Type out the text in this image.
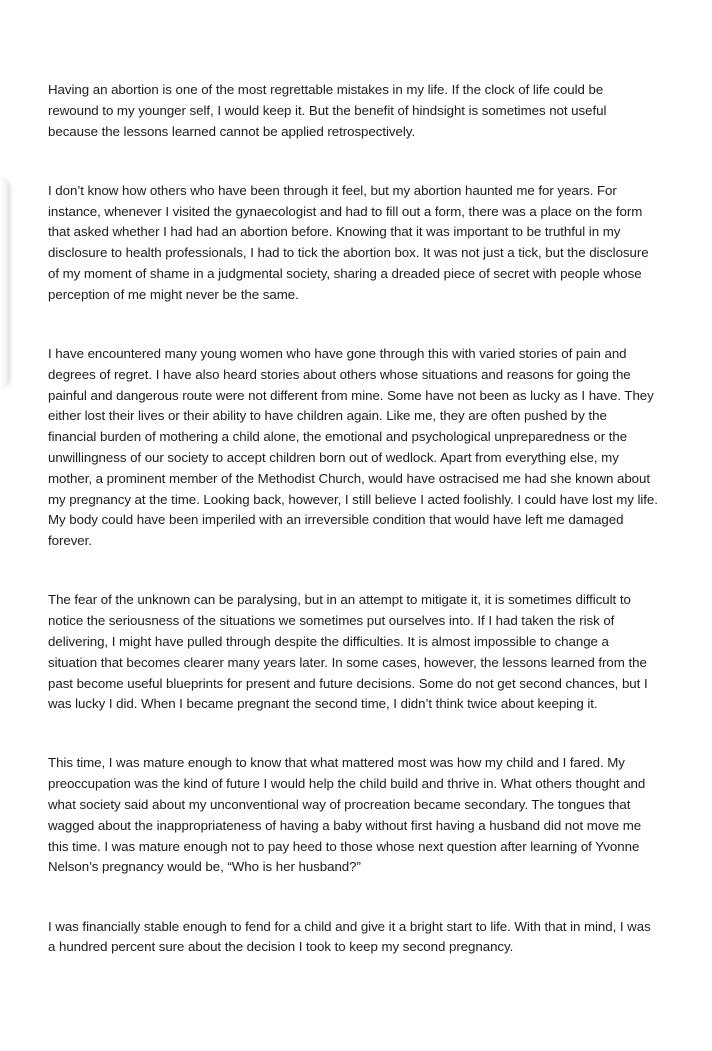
Having an abortion is one of the most regrettable mistakes in my life. If the clock of life could be
rewound to my younger self, I would keep it. But the benefit of hindsight is sometimes not useful
because the lessons learned cannot be applied retrospectively.

I don’t know how others who have been through it feel, but my abortion haunted me for years. For
instance, whenever I visited the gynaecologist and had to fill out a form, there was a place on the form
that asked whether I had had an abortion before. Knowing that it was important to be truthful in my
disclosure to health professionals, I had to tick the abortion box. It was not just a tick, but the disclosure
of my moment of shame in a judgmental society, sharing a dreaded piece of secret with people whose
perception of me might never be the same.

I have encountered many young women who have gone through this with varied stories of pain and
degrees of regret. I have also heard stories about others whose situations and reasons for going the
painful and dangerous route were not different from mine. Some have not been as lucky as I have. They
either lost their lives or their ability to have children again. Like me, they are often pushed by the
financial burden of mothering a child alone, the emotional and psychological unpreparedness or the
unwillingness of our society to accept children born out of wedlock. Apart from everything else, my
mother, a prominent member of the Methodist Church, would have ostracised me had she known about
my pregnancy at the time. Looking back, however, I still believe I acted foolishly. I could have lost my life.
My body could have been imperiled with an irreversible condition that would have left me damaged
forever.

The fear of the unknown can be paralysing, but in an attempt to mitigate it, it is sometimes difficult to
notice the seriousness of the situations we sometimes put ourselves into. If I had taken the risk of
delivering, I might have pulled through despite the difficulties. It is almost impossible to change a
situation that becomes clearer many years later. In some cases, however, the lessons learned from the
past become useful blueprints for present and future decisions. Some do not get second chances, but I
was lucky I did. When I became pregnant the second time, I didn’t think twice about keeping it.

This time, I was mature enough to know that what mattered most was how my child and I fared. My
preoccupation was the kind of future I would help the child build and thrive in. What others thought and
what society said about my unconventional way of procreation became secondary. The tongues that
wagged about the inappropriateness of having a baby without first having a husband did not move me
this time. I was mature enough not to pay heed to those whose next question after learning of Yvonne
Nelson’s pregnancy would be, “Who is her husband?”

I was financially stable enough to fend for a child and give it a bright start to life. With that in mind, I was
a hundred percent sure about the decision I took to keep my second pregnancy.
